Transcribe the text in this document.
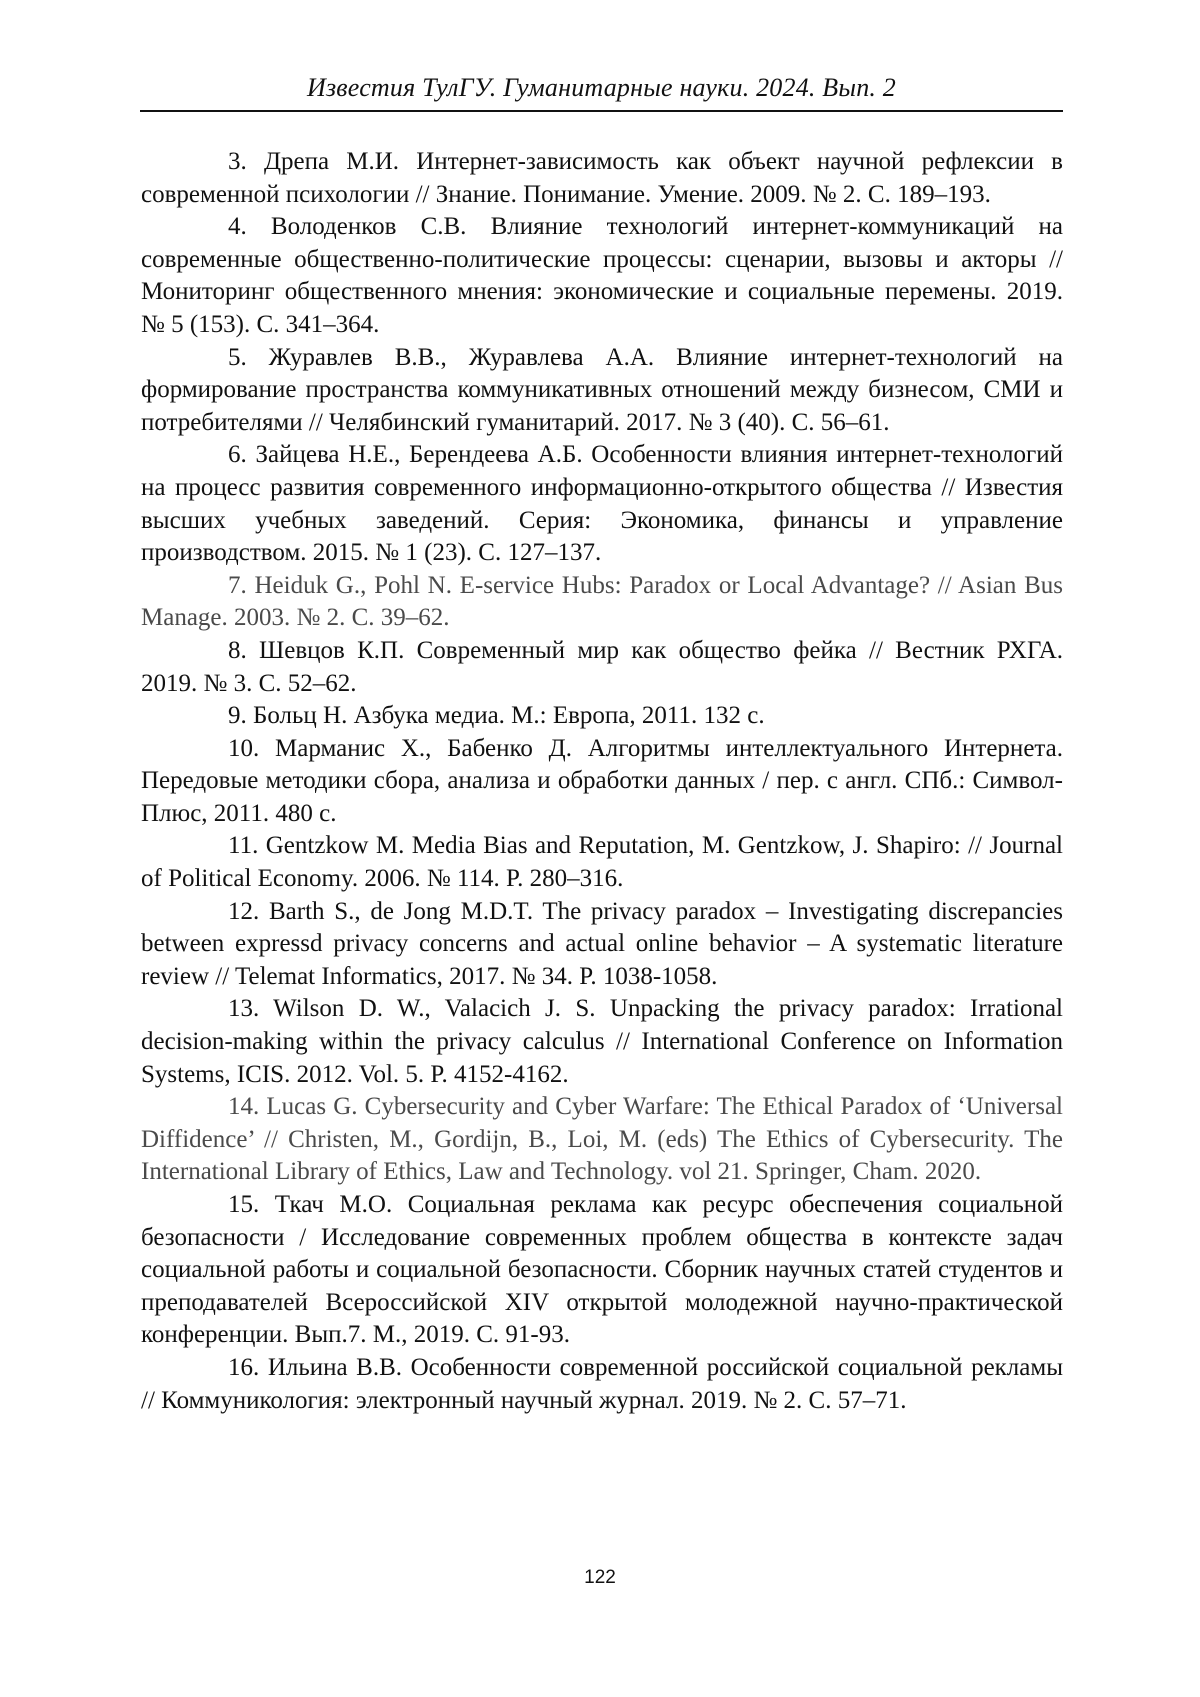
Известия ТулГУ. Гуманитарные науки. 2024. Вып. 2

3. Дрепа М.И. Интернет-зависимость как объект научной рефлексии в современной психологии // Знание. Понимание. Умение. 2009. № 2. С. 189–193.

4. Володенков С.В. Влияние технологий интернет-коммуникаций на современные общественно-политические процессы: сценарии, вызовы и акторы // Мониторинг общественного мнения: экономические и социальные перемены. 2019. № 5 (153). С. 341–364.

5. Журавлев В.В., Журавлева А.А. Влияние интернет-технологий на формирование пространства коммуникативных отношений между бизнесом, СМИ и потребителями // Челябинский гуманитарий. 2017. № 3 (40). С. 56–61.

6. Зайцева Н.Е., Берендеева А.Б. Особенности влияния интернет-технологий на процесс развития современного информационно-открытого общества // Известия высших учебных заведений. Серия: Экономика, финансы и управление производством. 2015. № 1 (23). С. 127–137.

7. Heiduk G., Pohl N. E-service Hubs: Paradox or Local Advantage? // Asian Bus Manage. 2003. № 2. С. 39–62.

8. Шевцов К.П. Современный мир как общество фейка // Вестник РХГА. 2019. № 3. С. 52–62.

9. Больц Н. Азбука медиа. М.: Европа, 2011. 132 с.

10. Марманис Х., Бабенко Д. Алгоритмы интеллектуального Интернета. Передовые методики сбора, анализа и обработки данных / пер. с англ. СПб.: Символ-Плюс, 2011. 480 с.

11. Gentzkow M. Media Bias and Reputation, M. Gentzkow, J. Shapiro: // Journal of Political Economy. 2006. № 114. P. 280–316.

12. Barth S., de Jong M.D.T. The privacy paradox – Investigating discrepancies between expressd privacy concerns and actual online behavior – A systematic literature review // Telemat Informatics, 2017. № 34. P. 1038-1058.

13. Wilson D. W., Valacich J. S. Unpacking the privacy paradox: Irrational decision-making within the privacy calculus // International Conference on Information Systems, ICIS. 2012. Vol. 5. P. 4152-4162.

14. Lucas G. Cybersecurity and Cyber Warfare: The Ethical Paradox of ‘Universal Diffidence’ // Christen, M., Gordijn, B., Loi, M. (eds) The Ethics of Cybersecurity. The International Library of Ethics, Law and Technology. vol 21. Springer, Cham. 2020.

15. Ткач М.О. Социальная реклама как ресурс обеспечения социальной безопасности / Исследование современных проблем общества в контексте задач социальной работы и социальной безопасности. Сборник научных статей студентов и преподавателей Всероссийской XIV открытой молодежной научно-практической конференции. Вып.7. М., 2019. С. 91-93.

16. Ильина В.В. Особенности современной российской социальной рекламы // Коммуникология: электронный научный журнал. 2019. № 2. С. 57–71.

122
